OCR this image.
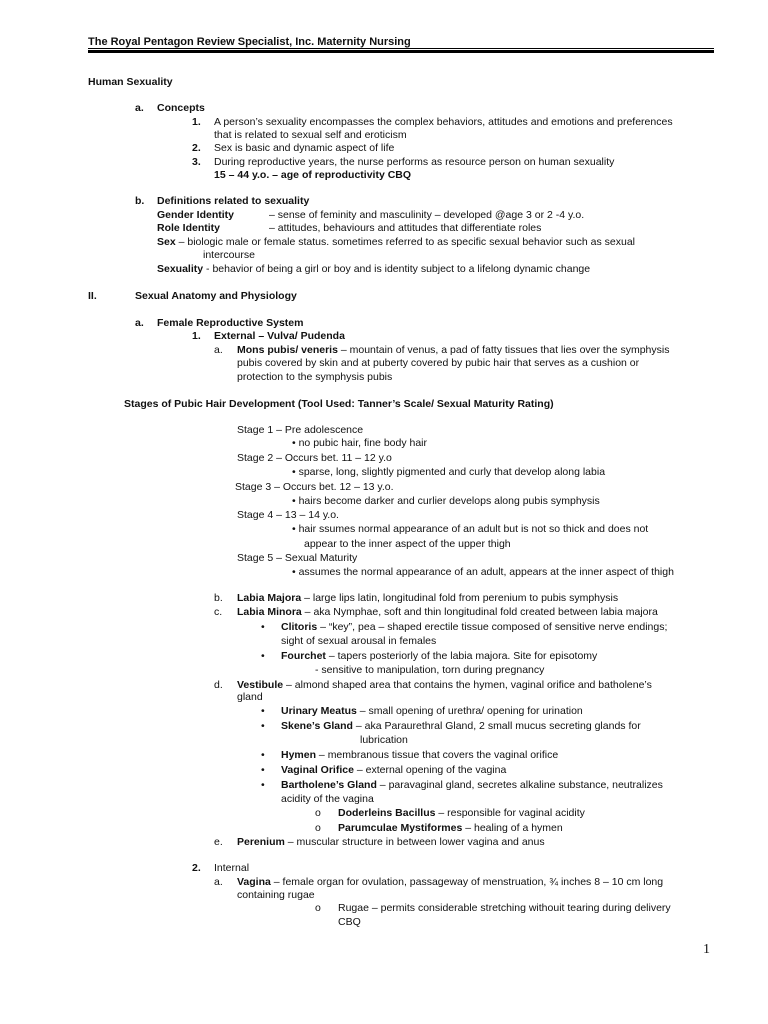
The Royal Pentagon Review Specialist, Inc. Maternity Nursing
Human Sexuality
a. Concepts
1. A person’s sexuality encompasses the complex behaviors, attitudes and emotions and preferences
that is related to sexual self and eroticism
2. Sex is basic and dynamic aspect of life
3. During reproductive years, the nurse performs as resource person on human sexuality
15 – 44 y.o. – age of reproductivity CBQ
b. Definitions related to sexuality
Gender Identity	– sense of feminity and masculinity – developed @age 3 or 2 -4 y.o.
Role Identity	– attitudes, behaviours and attitudes that differentiate roles
Sex – biologic male or female status. sometimes referred to as specific sexual behavior such as sexual
intercourse
Sexuality - behavior of being a girl or boy and is identity subject to a lifelong dynamic change
II.	Sexual Anatomy and Physiology
a. Female Reproductive System
1. External – Vulva/ Pudenda
a. Mons pubis/ veneris – mountain of venus, a pad of fatty tissues that lies over the symphysis
pubis covered by skin and at puberty covered by pubic hair that serves as a cushion or
protection to the symphysis pubis
Stages of Pubic Hair Development (Tool Used: Tanner’s Scale/ Sexual Maturity Rating)
Stage 1 – Pre adolescence
• no pubic hair, fine body hair
Stage 2 – Occurs bet. 11 – 12 y.o
• sparse, long, slightly pigmented and curly that develop along labia
Stage 3 – Occurs bet. 12 – 13 y.o.
• hairs become darker and curlier develops along pubis symphysis
Stage 4 – 13 – 14 y.o.
• hair ssumes normal appearance of an adult but is not so thick and does not
appear to the inner aspect of the upper thigh
Stage 5 – Sexual Maturity
• assumes the normal appearance of an adult, appears at the inner aspect of thigh
b. Labia Majora – large lips latin, longitudinal fold from perenium to pubis symphysis
c. Labia Minora – aka Nymphae, soft and thin longitudinal fold created between labia majora
• Clitoris – “key”, pea – shaped erectile tissue composed of sensitive nerve endings;
sight of sexual arousal in females
• Fourchet – tapers posteriorly of the labia majora. Site for episotomy
- sensitive to manipulation, torn during pregnancy
d. Vestibule – almond shaped area that contains the hymen, vaginal orifice and batholene’s
gland
• Urinary Meatus – small opening of urethra/ opening for urination
• Skene’s Gland – aka Paraurethral Gland, 2 small mucus secreting glands for
lubrication
• Hymen – membranous tissue that covers the vaginal orifice
• Vaginal Orifice – external opening of the vagina
• Bartholene’s Gland – paravaginal gland, secretes alkaline substance, neutralizes
acidity of the vagina
o Doderleins Bacillus – responsible for vaginal acidity
o Parumculae Mystiformes – healing of a hymen
e. Perenium – muscular structure in between lower vagina and anus
2. Internal
a. Vagina – female organ for ovulation, passageway of menstruation, ¾ inches 8 – 10 cm long
containing rugae
o Rugae – permits considerable stretching withouit tearing during delivery
CBQ
1
